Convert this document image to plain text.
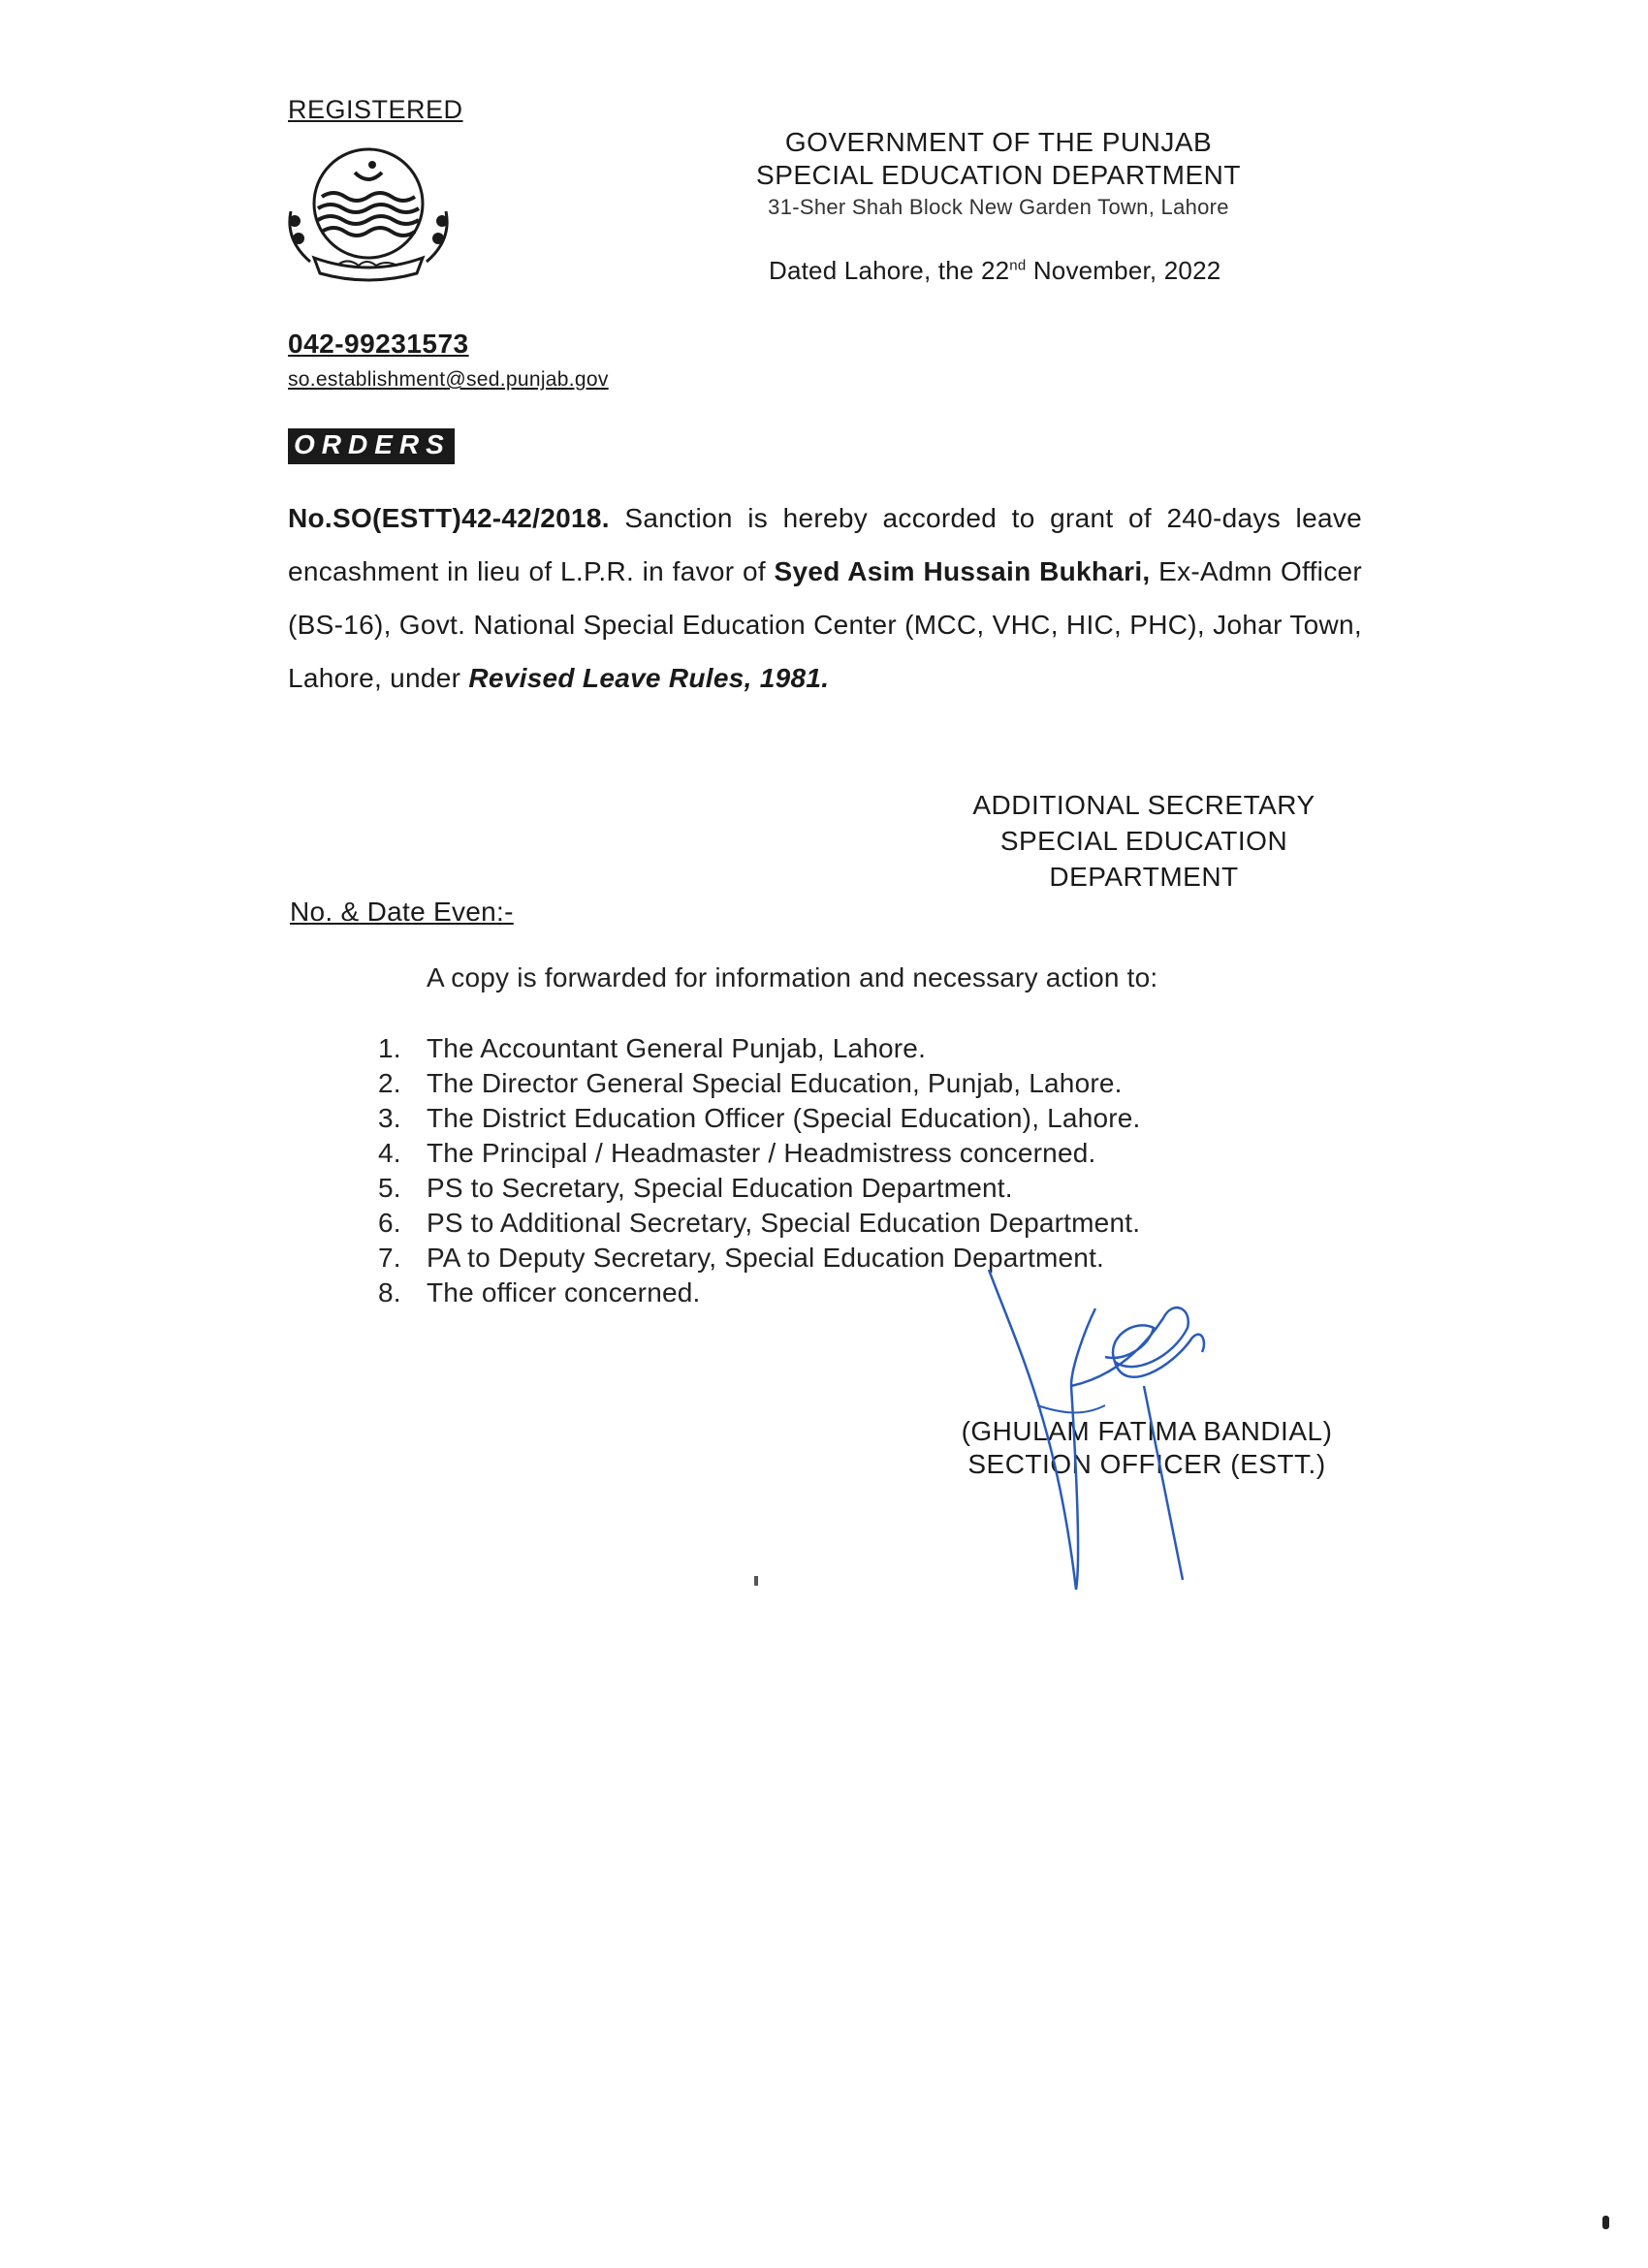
REGISTERED
GOVERNMENT OF THE PUNJAB
SPECIAL EDUCATION DEPARTMENT
31-Sher Shah Block New Garden Town, Lahore
Dated Lahore, the 22nd November, 2022
042-99231573
so.establishment@sed.punjab.gov
ORDERS
No.SO(ESTT)42-42/2018. Sanction is hereby accorded to grant of 240-days leave encashment in lieu of L.P.R. in favor of Syed Asim Hussain Bukhari, Ex-Admn Officer (BS-16), Govt. National Special Education Center (MCC, VHC, HIC, PHC), Johar Town, Lahore, under Revised Leave Rules, 1981.
ADDITIONAL SECRETARY
SPECIAL EDUCATION
DEPARTMENT
No. & Date Even:-
A copy is forwarded for information and necessary action to:
1. The Accountant General Punjab, Lahore.
2. The Director General Special Education, Punjab, Lahore.
3. The District Education Officer (Special Education), Lahore.
4. The Principal / Headmaster / Headmistress concerned.
5. PS to Secretary, Special Education Department.
6. PS to Additional Secretary, Special Education Department.
7. PA to Deputy Secretary, Special Education Department.
8. The officer concerned.
(GHULAM FATIMA BANDIAL)
SECTION OFFICER (ESTT.)
